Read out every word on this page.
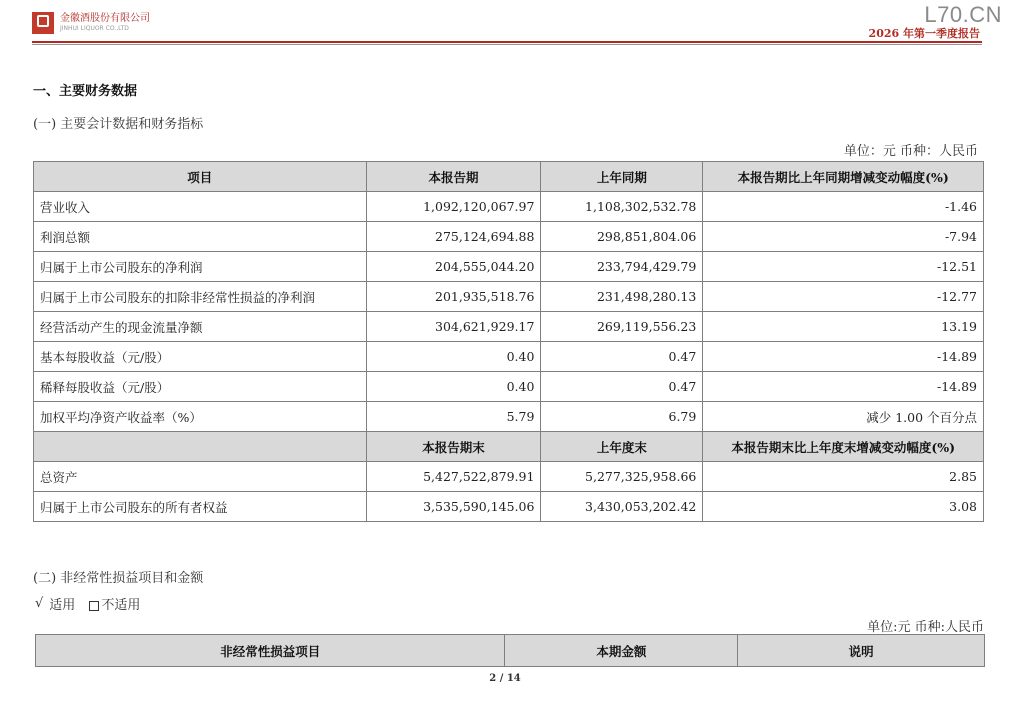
金徽酒股份有限公司
JINHUI LIQUOR CO.,LTD
L70.CN
2026 年第一季度报告
一、主要财务数据
(一) 主要会计数据和财务指标
单位：元 币种：人民币
项目	本报告期	上年同期	本报告期比上年同期增减变动幅度(%)
营业收入	1,092,120,067.97	1,108,302,532.78	-1.46
利润总额	275,124,694.88	298,851,804.06	-7.94
归属于上市公司股东的净利润	204,555,044.20	233,794,429.79	-12.51
归属于上市公司股东的扣除非经常性损益的净利润	201,935,518.76	231,498,280.13	-12.77
经营活动产生的现金流量净额	304,621,929.17	269,119,556.23	13.19
基本每股收益（元/股）	0.40	0.47	-14.89
稀释每股收益（元/股）	0.40	0.47	-14.89
加权平均净资产收益率（%）	5.79	6.79	减少 1.00 个百分点
	本报告期末	上年度末	本报告期末比上年度末增减变动幅度(%)
总资产	5,427,522,879.91	5,277,325,958.66	2.85
归属于上市公司股东的所有者权益	3,535,590,145.06	3,430,053,202.42	3.08
(二) 非经常性损益项目和金额
√ 适用	不适用
单位:元 币种:人民币
非经常性损益项目	本期金额	说明
2 / 14
